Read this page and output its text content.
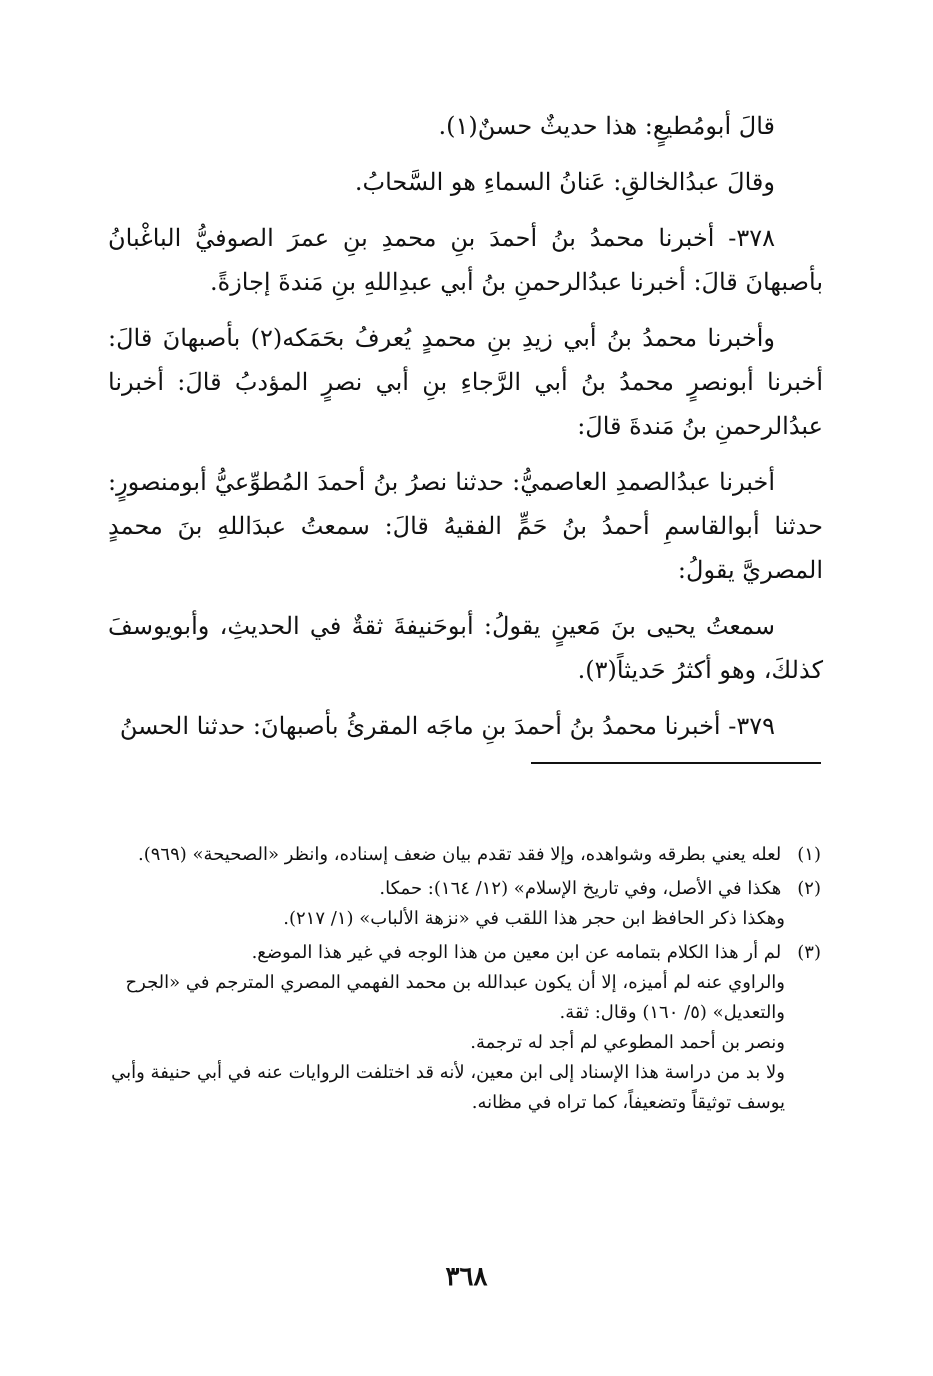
قالَ أبومُطيعٍ: هذا حديثٌ حسنٌ(١).

وقالَ عبدُالخالقِ: عَنانُ السماءِ هو السَّحابُ.

٣٧٨- أخبرنا محمدُ بنُ أحمدَ بنِ محمدِ بنِ عمرَ الصوفيُّ الباغْبانُ بأصبهانَ قالَ: أخبرنا عبدُالرحمنِ بنُ أبي عبدِاللهِ بنِ مَندةَ إجازةً.

وأخبرنا محمدُ بنُ أبي زيدِ بنِ محمدٍ يُعرفُ بحَمَكه(٢) بأصبهانَ قالَ: أخبرنا أبونصرٍ محمدُ بنُ أبي الرَّجاءِ بنِ أبي نصرٍ المؤدبُ قالَ: أخبرنا عبدُالرحمنِ بنُ مَندةَ قالَ:

أخبرنا عبدُالصمدِ العاصميُّ: حدثنا نصرُ بنُ أحمدَ المُطوِّعيُّ أبومنصورٍ: حدثنا أبوالقاسمِ أحمدُ بنُ حَمٍّ الفقيهُ قالَ: سمعتُ عبدَاللهِ بنَ محمدٍ المصريَّ يقولُ:

سمعتُ يحيى بنَ مَعينٍ يقولُ: أبوحَنيفةَ ثقةٌ في الحديثِ، وأبويوسفَ كذلكَ، وهو أكثرُ حَديثاً(٣).

٣٧٩- أخبرنا محمدُ بنُ أحمدَ بنِ ماجَه المقرئُ بأصبهانَ: حدثنا الحسنُ

(١) لعله يعني بطرقه وشواهده، وإلا فقد تقدم بيان ضعف إسناده، وانظر «الصحيحة» (٩٦٩).

(٢) هكذا في الأصل، وفي تاريخ الإسلام» (١٢/ ١٦٤): حمكا.

وهكذا ذكر الحافظ ابن حجر هذا اللقب في «نزهة الألباب» (١/ ٢١٧).

(٣) لم أر هذا الكلام بتمامه عن ابن معين من هذا الوجه في غير هذا الموضع.

والراوي عنه لم أميزه، إلا أن يكون عبدالله بن محمد الفهمي المصري المترجم في «الجرح والتعديل» (٥/ ١٦٠) وقال: ثقة.

ونصر بن أحمد المطوعي لم أجد له ترجمة.

ولا بد من دراسة هذا الإسناد إلى ابن معين، لأنه قد اختلفت الروايات عنه في أبي حنيفة وأبي يوسف توثيقاً وتضعيفاً، كما تراه في مظانه.

٣٦٨
